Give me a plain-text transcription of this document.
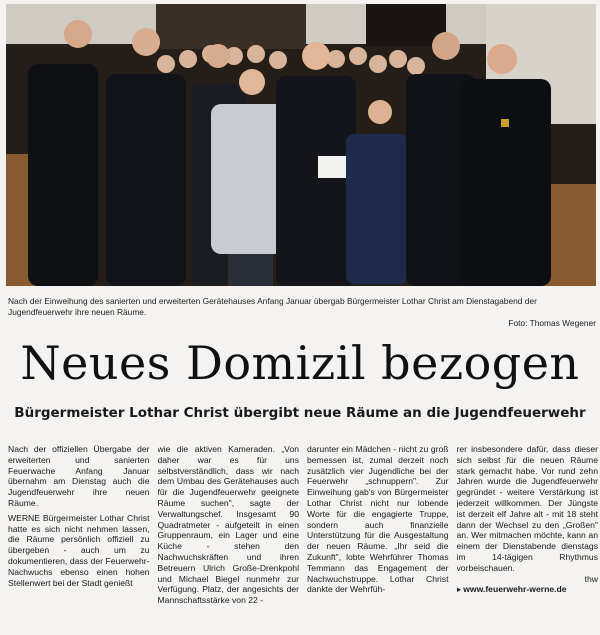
Nach der Einweihung des sanierten und erweiterten Gerätehauses Anfang Januar übergab Bürgermeister Lothar Christ am Dienstagabend der Jugendfeuerwehr ihre neuen Räume.
Foto: Thomas Wegener
Neues Domizil bezogen
Bürgermeister Lothar Christ übergibt neue Räume an die Jugendfeuerwehr

Nach der offiziellen Übergabe der erweiterten und sanierten Feuerwache Anfang Januar übernahm am Dienstag auch die Jugendfeuerwehr ihre neuen Räume.

WERNE Bürgermeister Lothar Christ hatte es sich nicht nehmen lassen, die Räume persönlich offiziell zu übergeben - auch um zu dokumentieren, dass der Feuerwehr-Nachwuchs ebenso einen hohen Stellenwert bei der Stadt genießt

wie die aktiven Kameraden. „Von daher war es für uns selbstverständlich, dass wir nach dem Umbau des Gerätehauses auch für die Jugendfeuerwehr geeignete Räume suchen", sagte der Verwaltungschef. Insgesamt 90 Quadratmeter - aufgeteilt in einen Gruppenraum, ein Lager und eine Küche - stehen den Nachwuchskräften und ihren Betreuern Ulrich Große-Drenkpohl und Michael Biegel nunmehr zur Verfügung. Platz, der angesichts der Mannschaftsstärke von 22 -

darunter ein Mädchen - nicht zu groß bemessen ist, zumal derzeit noch zusätzlich vier Jugendliche bei der Feuerwehr „schnuppern". Zur Einweihung gab's von Bürgermeister Lothar Christ nicht nur lobende Worte für die engagierte Truppe, sondern auch finanzielle Unterstützung für die Ausgestaltung der neuen Räume. „Ihr seid die Zukunft", lobte Wehrführer Thomas Temmann das Engagement der Nachwuchstruppe. Lothar Christ dankte der Wehrfüh-

rer insbesondere dafür, dass dieser sich selbst für die neuen Räume stark gemacht habe. Vor rund zehn Jahren wurde die Jugendfeuerwehr gegründet - weitere Verstärkung ist jederzeit willkommen. Der Jüngste ist derzeit elf Jahre alt - mit 18 steht dann der Wechsel zu den „Großen" an. Wer mitmachen möchte, kann an einem der Dienstabende dienstags im 14-tägigen Rhythmus vorbeischauen.

thw

▸ www.feuerwehr-werne.de
